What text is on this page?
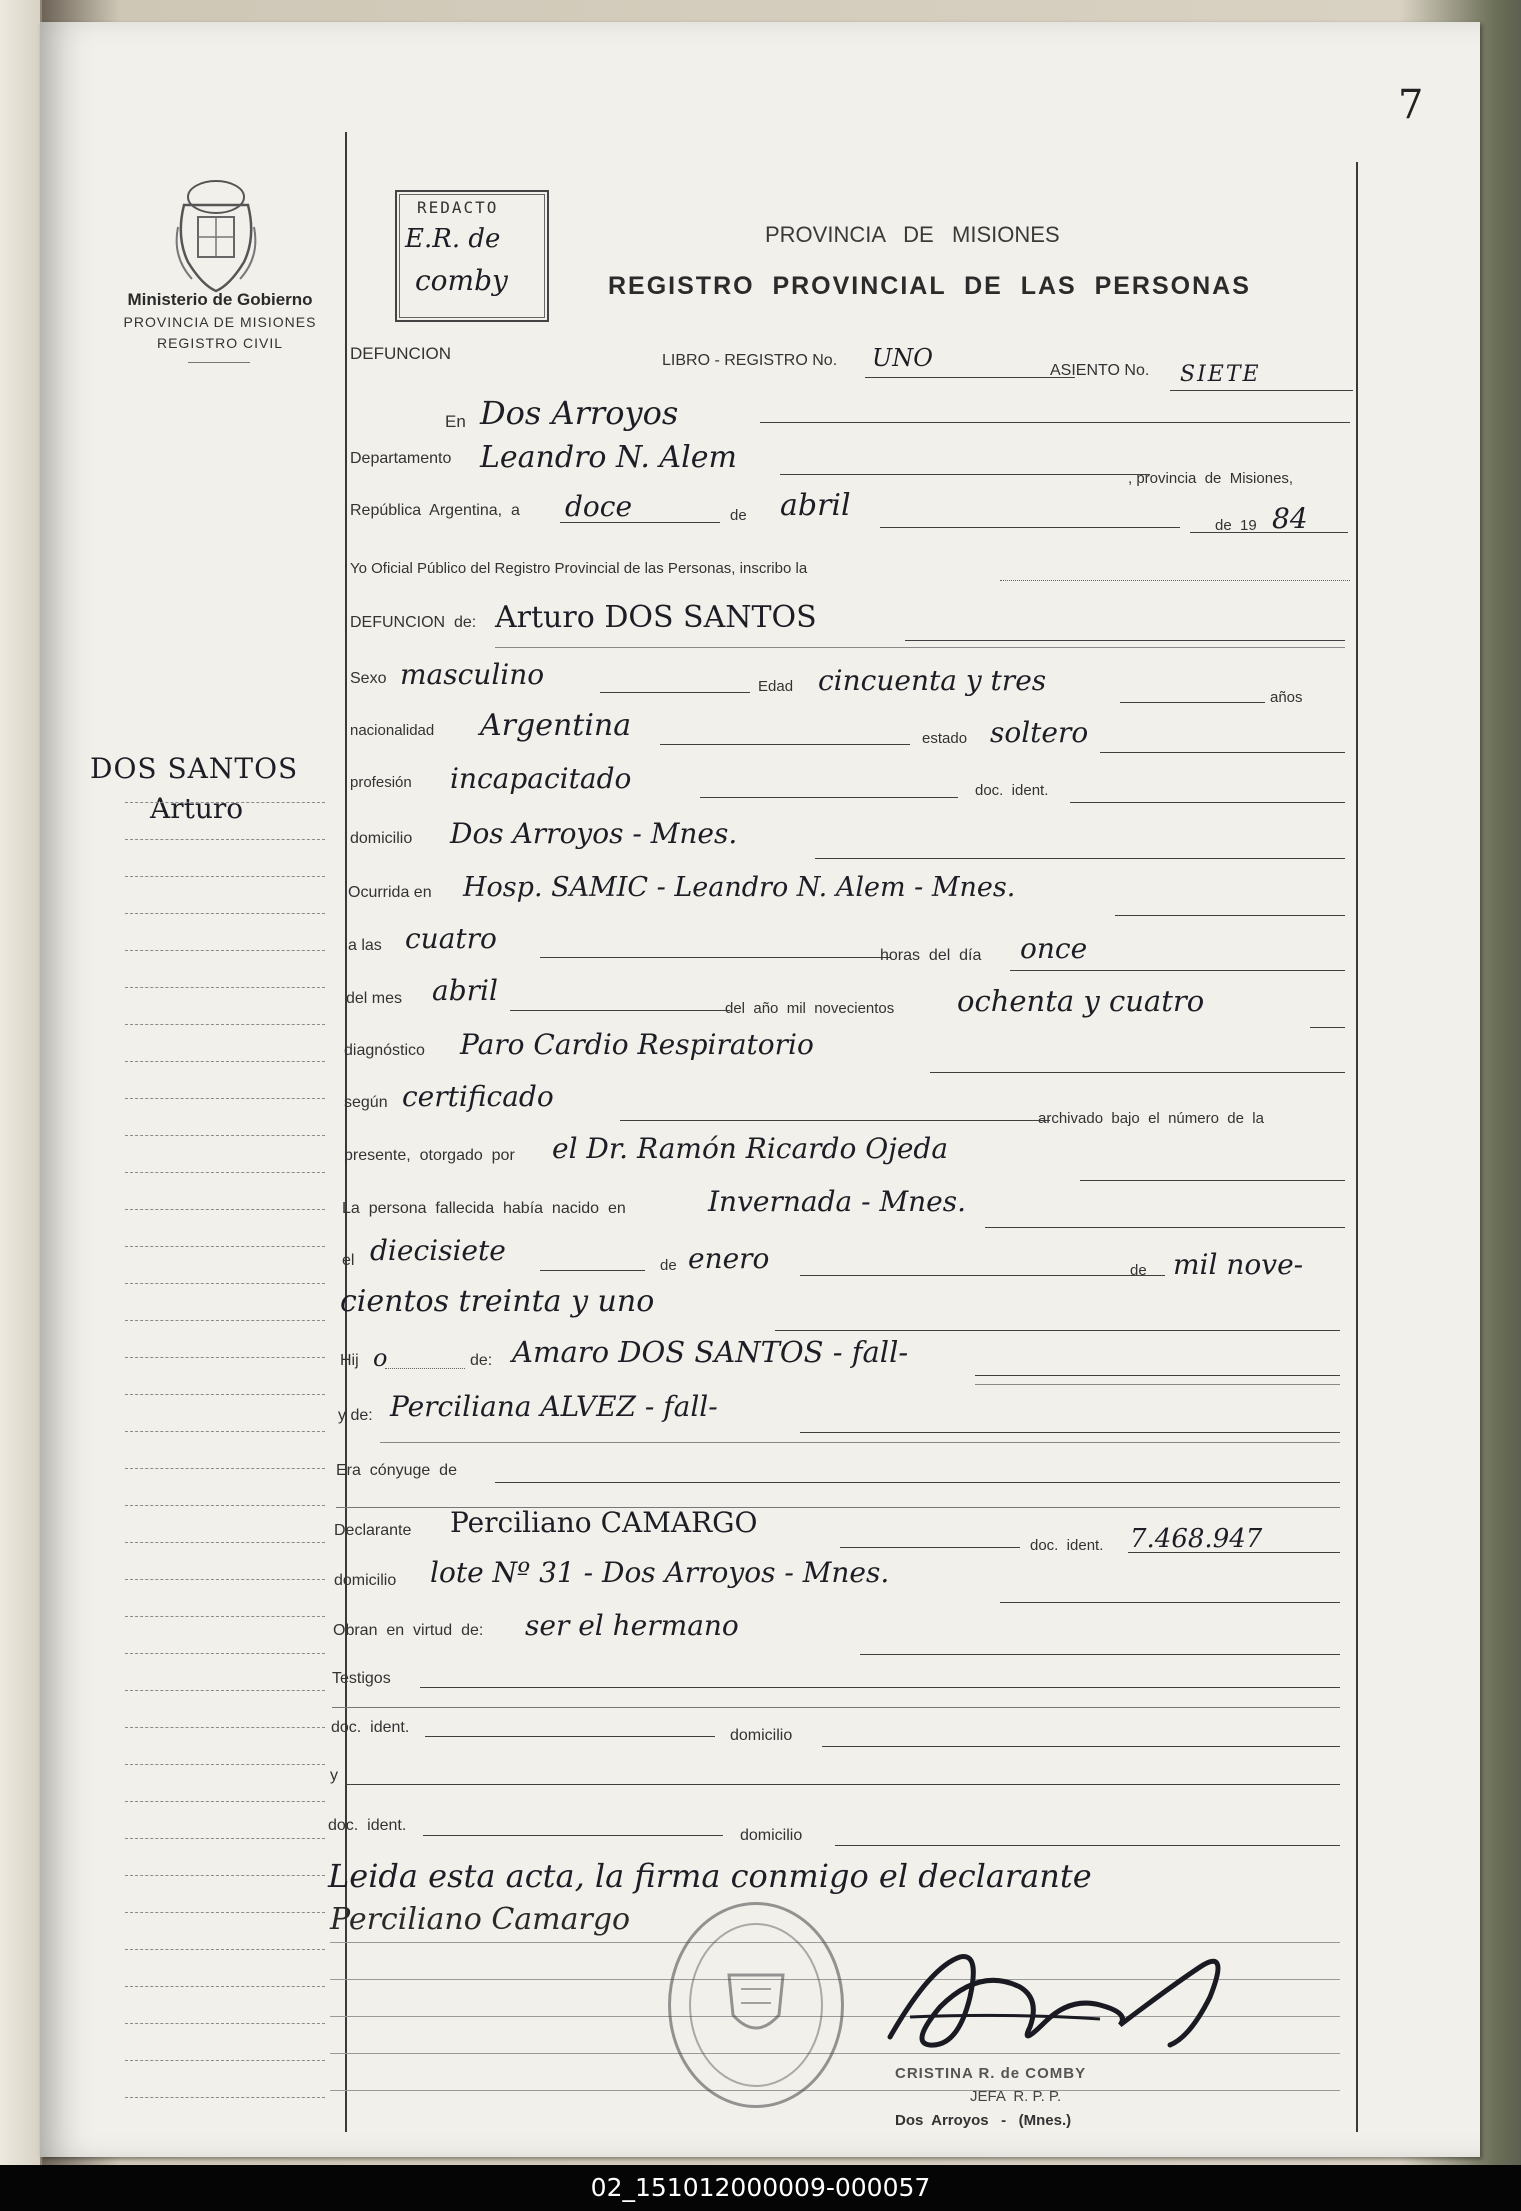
7
Ministerio de Gobierno
PROVINCIA DE MISIONES
REGISTRO CIVIL
REDACTO
E.R. de
comby
PROVINCIA   DE   MISIONES
REGISTRO  PROVINCIAL  DE  LAS  PERSONAS
DOS SANTOS
Arturo
DEFUNCION	LIBRO - REGISTRO No. UNO	ASIENTO No. SIETE
En Dos Arroyos
Departamento Leandro N. Alem
, provincia  de  Misiones,
República  Argentina,  a doce	de abril
de  19 84
Yo Oficial Público del Registro Provincial de las Personas, inscribo la
DEFUNCION  de: Arturo DOS SANTOS
Sexo masculino	Edad cincuenta y tres
años
nacionalidad Argentina	estado soltero
profesión incapacitado	doc.  ident.
domicilio Dos Arroyos - Mnes.
Ocurrida en Hosp. SAMIC - Leandro N. Alem - Mnes.
a las cuatro
horas  del  día once
del mes abril
del  año  mil  novecientos ochenta y cuatro
diagnóstico Paro Cardio Respiratorio
según certificado
archivado  bajo  el  número  de  la
presente,  otorgado  por el Dr. Ramón Ricardo Ojeda
La  persona  fallecida  había  nacido  en	Invernada - Mnes.
el diecisiete	de enero	de mil nove-
cientos treinta y uno
Hij o	de: Amaro DOS SANTOS - fall-
y de: Perciliana ALVEZ - fall-
Era  cónyuge  de
Declarante Perciliano CAMARGO
doc.  ident. 7.468.947
domicilio lote Nº 31 - Dos Arroyos - Mnes.
Obran  en  virtud  de: ser el hermano
Testigos
doc.  ident.	domicilio
y
doc.  ident.
domicilio
Leida esta acta, la firma conmigo el declarante
Perciliano Camargo
CRISTINA R. de COMBY
JEFA  R. P. P.
Dos  Arroyos   -   (Mnes.)
02_151012000009-000057
